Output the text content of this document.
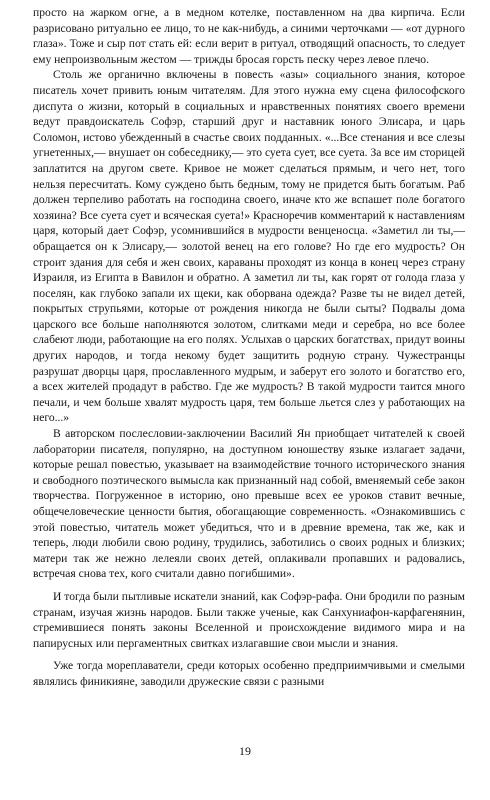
просто на жарком огне, а в медном котелке, поставленном на два кирпича. Если разрисовано ритуально ее лицо, то не как-нибудь, а синими черточками — «от дурного глаза». Тоже и сыр пот стать ей: если верит в ритуал, отводящий опасность, то следует ему непроизвольным жестом — трижды бросая горсть песку через левое плечо.

Столь же органично включены в повесть «азы» социального знания, которое писатель хочет привить юным читателям. Для этого нужна ему сцена философского диспута о жизни, который в социальных и нравственных понятиях своего времени ведут правдоискатель Софэр, старший друг и наставник юного Элисара, и царь Соломон, истово убежденный в счастье своих подданных. «...Все стенания и все слезы угнетенных,— внушает он собеседнику,— это суета сует, все суета. За все им сторицей заплатится на другом свете. Кривое не может сделаться прямым, и чего нет, того нельзя пересчитать. Кому суждено быть бедным, тому не придется быть богатым. Раб должен терпеливо работать на господина своего, иначе кто же вспашет поле богатого хозяина? Все суета сует и всяческая суета!» Красноречив комментарий к наставлениям царя, который дает Софэр, усомнившийся в мудрости венценосца. «Заметил ли ты,— обращается он к Элисару,— золотой венец на его голове? Но где его мудрость? Он строит здания для себя и жен своих, караваны проходят из конца в конец через страну Израиля, из Египта в Вавилон и обратно. А заметил ли ты, как горят от голода глаза у поселян, как глубоко запали их щеки, как оборвана одежда? Разве ты не видел детей, покрытых струпьями, которые от рождения никогда не были сыты? Подвалы дома царского все больше наполняются золотом, слитками меди и серебра, но все более слабеют люди, работающие на его полях. Услыхав о царских богатствах, придут воины других народов, и тогда некому будет защитить родную страну. Чужестранцы разрушат дворцы царя, прославленного мудрым, и заберут его золото и богатство его, а всех жителей продадут в рабство. Где же мудрость? В такой мудрости таится много печали, и чем больше хвалят мудрость царя, тем больше льется слез у работающих на него...»

В авторском послесловии-заключении Василий Ян приобщает читателей к своей лаборатории писателя, популярно, на доступном юношеству языке излагает задачи, которые решал повестью, указывает на взаимодействие точного исторического знания и свободного поэтического вымысла как признанный над собой, вменяемый себе закон творчества. Погруженное в историю, оно превыше всех ее уроков ставит вечные, общечеловеческие ценности бытия, обогащающие современность. «Ознакомившись с этой повестью, читатель может убедиться, что и в древние времена, так же, как и теперь, люди любили свою родину, трудились, заботились о своих родных и близких; матери так же нежно лелеяли своих детей, оплакивали пропавших и радовались, встречая снова тех, кого считали давно погибшими».

И тогда были пытливые искатели знаний, как Софэр-рафа. Они бродили по разным странам, изучая жизнь народов. Были также ученые, как Санхуниафон-карфагенянин, стремившиеся понять законы Вселенной и происхождение видимого мира и на папирусных или пергаментных свитках излагавшие свои мысли и знания.

Уже тогда мореплаватели, среди которых особенно предприимчивыми и смелыми являлись финикияне, заводили дружеские связи с разными

19
